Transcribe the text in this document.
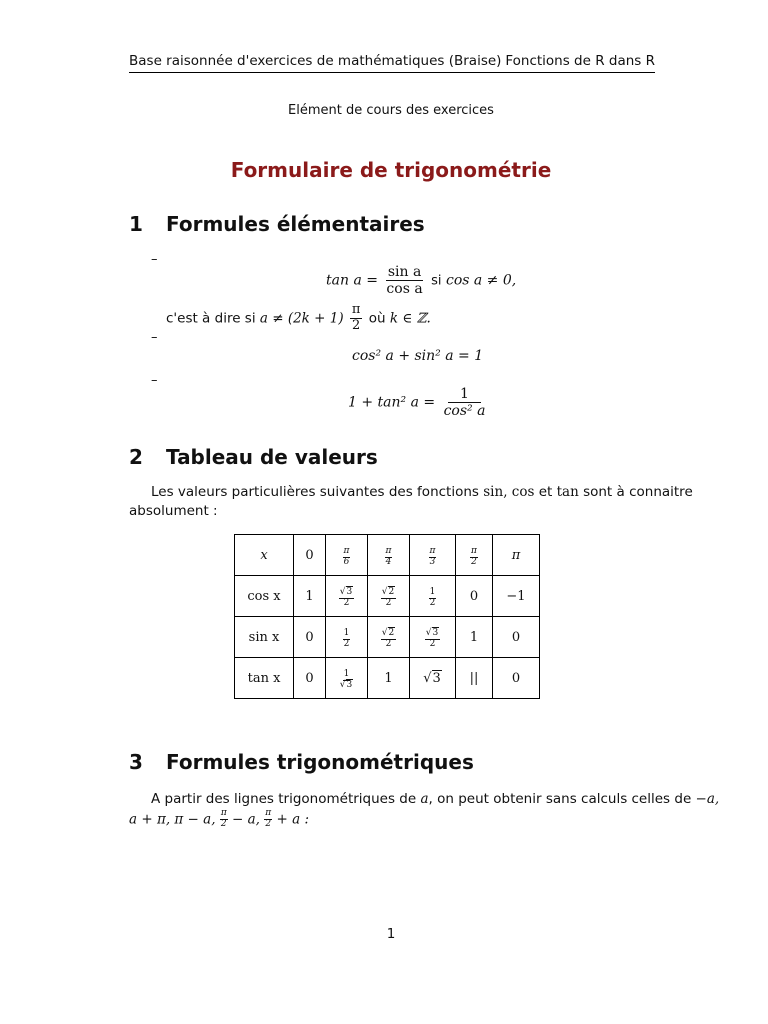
Base raisonnée d'exercices de mathématiques (Braise) Fonctions de R dans R
Elément de cours des exercices
Formulaire de trigonométrie
1 Formules élémentaires
–
$\tan a = \frac{\text{sin a}}{\text{cos a}}$ si cos a ≠ 0,
c'est à dire si $a \ne (2k + 1) \frac{\pi}{2}$ où k ∈ ℤ.
–
cos² a + sin² a = 1
–
1 + tan² $a = \frac{1}{\text{cos² a}}$
2 Tableau de valeurs
Les valeurs particulières suivantes des fonctions sin, cos et tan sont à connaitre
absolument :
x	0	$\frac{\pi}{6}$	$\frac{\pi}{4}$	$\frac{\pi}{3}$	$\frac{\pi}{2}$	π
cos x	1	$\frac{√3}{2}$	$\frac{√2}{2}$	$\frac{1}{2}$	0	−1
sin x	0	$\frac{1}{2}$	$\frac{√2}{2}$	$\frac{√3}{2}$	1	0
tan x	0	$\frac{1}{√3}$	1	√3	||	0
3 Formules trigonométriques
A partir des lignes trigonométriques de a, on peut obtenir sans calculs celles de −a,
a + π, π − a, $\frac{\pi}{2} - a$, $\frac{\pi}{2} + a$ :
1
